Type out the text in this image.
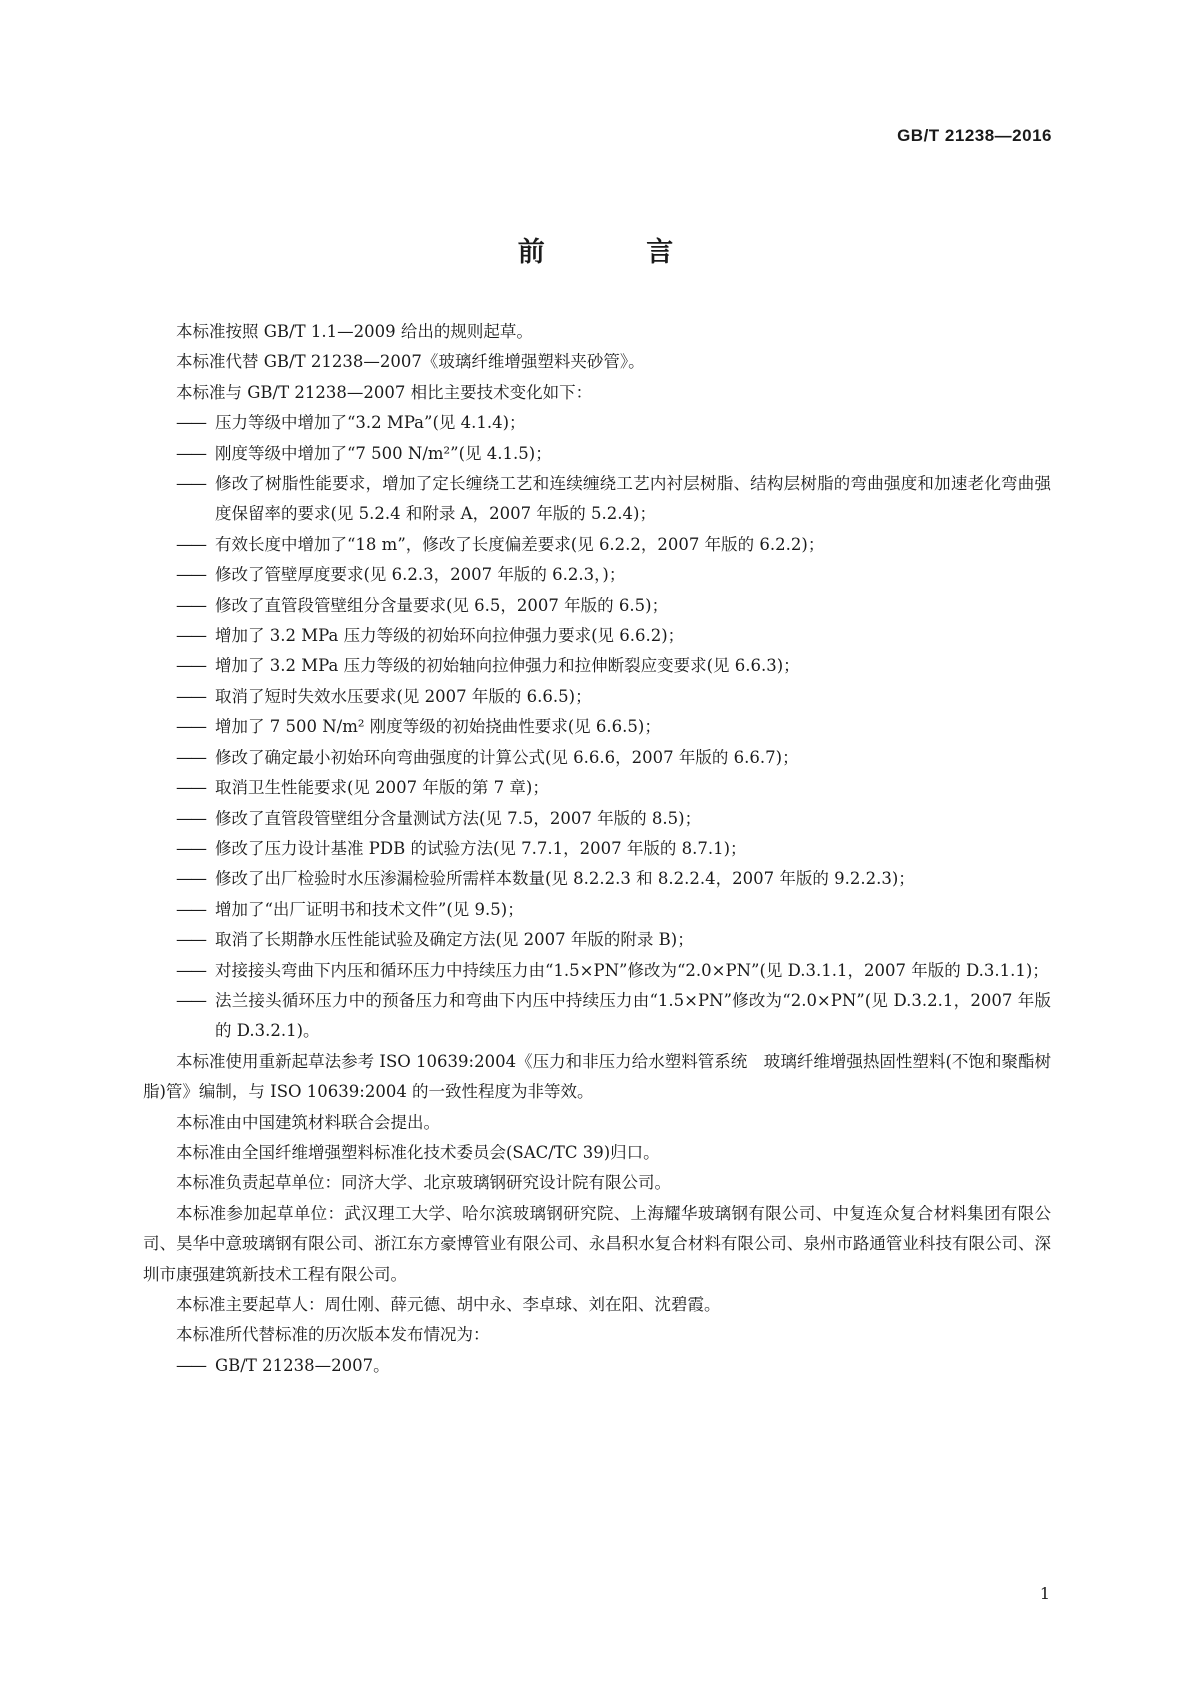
GB/T 21238—2016
前 言

本标准按照 GB/T 1.1—2009 给出的规则起草。

本标准代替 GB/T 21238—2007《玻璃纤维增强塑料夹砂管》。

本标准与 GB/T 21238—2007 相比主要技术变化如下：

—— 压力等级中增加了“3.2 MPa”(见 4.1.4)；

—— 刚度等级中增加了“7 500 N/m²”(见 4.1.5)；

—— 修改了树脂性能要求，增加了定长缠绕工艺和连续缠绕工艺内衬层树脂、结构层树脂的弯曲强度和加速老化弯曲强度保留率的要求(见 5.2.4 和附录 A，2007 年版的 5.2.4)；

—— 有效长度中增加了“18 m”，修改了长度偏差要求(见 6.2.2，2007 年版的 6.2.2)；

—— 修改了管壁厚度要求(见 6.2.3，2007 年版的 6.2.3，)；

—— 修改了直管段管壁组分含量要求(见 6.5，2007 年版的 6.5)；

—— 增加了 3.2 MPa 压力等级的初始环向拉伸强力要求(见 6.6.2)；

—— 增加了 3.2 MPa 压力等级的初始轴向拉伸强力和拉伸断裂应变要求(见 6.6.3)；

—— 取消了短时失效水压要求(见 2007 年版的 6.6.5)；

—— 增加了 7 500 N/m² 刚度等级的初始挠曲性要求(见 6.6.5)；

—— 修改了确定最小初始环向弯曲强度的计算公式(见 6.6.6，2007 年版的 6.6.7)；

—— 取消卫生性能要求(见 2007 年版的第 7 章)；

—— 修改了直管段管壁组分含量测试方法(见 7.5，2007 年版的 8.5)；

—— 修改了压力设计基准 PDB 的试验方法(见 7.7.1，2007 年版的 8.7.1)；

—— 修改了出厂检验时水压渗漏检验所需样本数量(见 8.2.2.3 和 8.2.2.4，2007 年版的 9.2.2.3)；

—— 增加了“出厂证明书和技术文件”(见 9.5)；

—— 取消了长期静水压性能试验及确定方法(见 2007 年版的附录 B)；

—— 对接接头弯曲下内压和循环压力中持续压力由“1.5×PN”修改为“2.0×PN”(见 D.3.1.1，2007 年版的 D.3.1.1)；

—— 法兰接头循环压力中的预备压力和弯曲下内压中持续压力由“1.5×PN”修改为“2.0×PN”(见 D.3.2.1，2007 年版的 D.3.2.1)。

本标准使用重新起草法参考 ISO 10639:2004《压力和非压力给水塑料管系统　玻璃纤维增强热固性塑料(不饱和聚酯树脂)管》编制，与 ISO 10639:2004 的一致性程度为非等效。

本标准由中国建筑材料联合会提出。

本标准由全国纤维增强塑料标准化技术委员会(SAC/TC 39)归口。

本标准负责起草单位：同济大学、北京玻璃钢研究设计院有限公司。

本标准参加起草单位：武汉理工大学、哈尔滨玻璃钢研究院、上海耀华玻璃钢有限公司、中复连众复合材料集团有限公司、昊华中意玻璃钢有限公司、浙江东方豪博管业有限公司、永昌积水复合材料有限公司、泉州市路通管业科技有限公司、深圳市康强建筑新技术工程有限公司。

本标准主要起草人：周仕刚、薛元德、胡中永、李卓球、刘在阳、沈碧霞。

本标准所代替标准的历次版本发布情况为：

—— GB/T 21238—2007。

1
